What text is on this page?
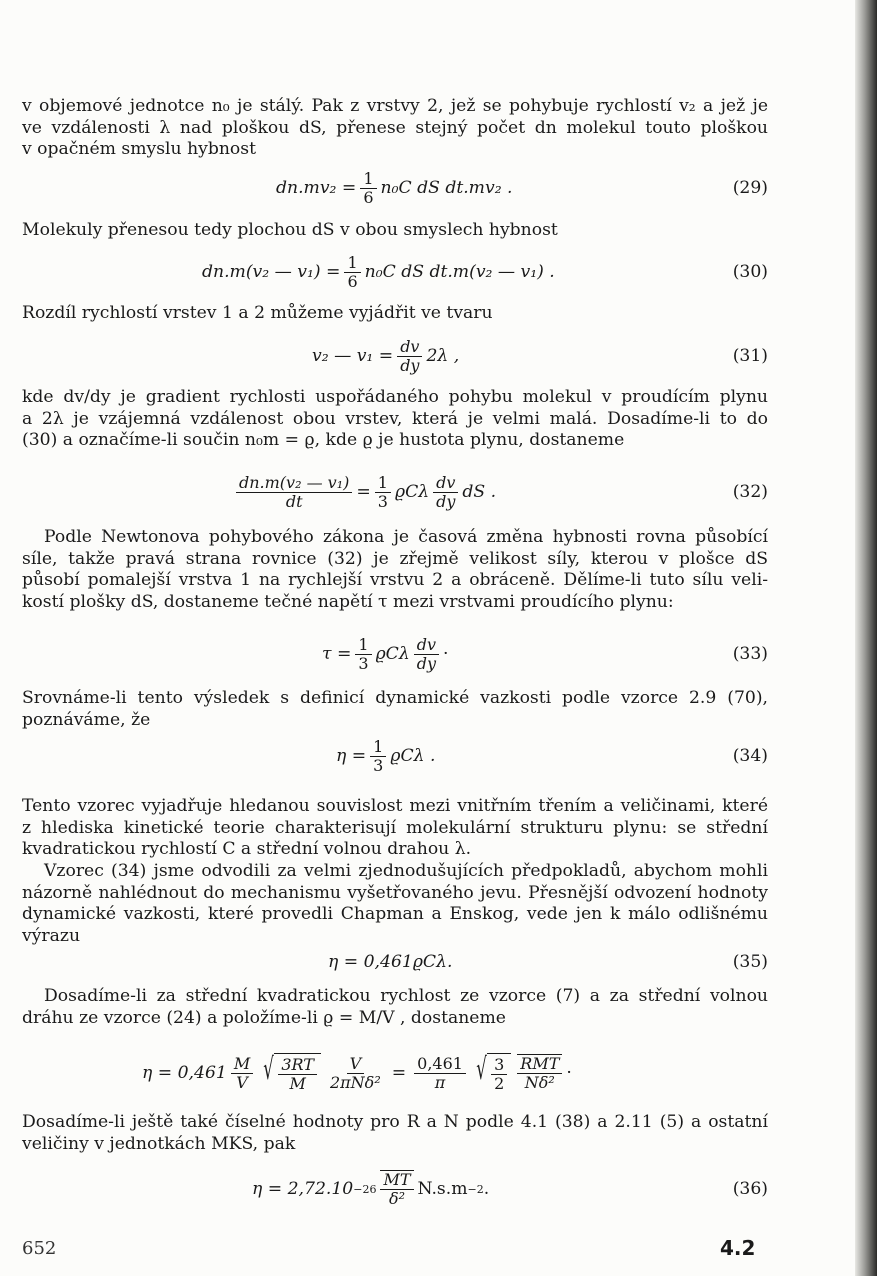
v objemové jednotce n₀ je stálý. Pak z vrstvy 2, jež se pohybuje rychlostí v₂ a jež je
ve vzdálenosti λ nad ploškou dS, přenese stejný počet dn molekul touto ploškou
v opačném smyslu hybnost
$dn.mv_2 = \frac{1}{6} n_0C$ dS dt.mv₂ .	(29)
Molekuly přenesou tedy plochou dS v obou smyslech hybnost
dn.m(v₂ — $v_1) = \frac{1}{6} n_0C$ dS dt.m(v₂ — v₁) .	(30)
Rozdíl rychlostí vrstev 1 a 2 můžeme vyjádřit ve tvaru
v₂ — $v_1 = \frac{dv}{dy} 2\lambda$ ,	(31)
kde dv/dy je gradient rychlosti uspořádaného pohybu molekul v proudícím plynu
a 2λ je vzájemná vzdálenost obou vrstev, která je velmi malá. Dosadíme-li to do
(30) a označíme-li součin n₀m = ϱ, kde ϱ je hustota plynu, dostaneme
$\frac{\text{dn.m(v₂ — v₁)}}{dt} = \frac{1}{3}$ ϱCλ $\frac{dv}{dy}$ dS .	(32)
Podle Newtonova pohybového zákona je časová změna hybnosti rovna působící
síle, takže pravá strana rovnice (32) je zřejmě velikost síly, kterou v plošce dS
působí pomalejší vrstva 1 na rychlejší vrstvu 2 a obráceně. Dělíme-li tuto sílu veli-
kostí plošky dS, dostaneme tečné napětí τ mezi vrstvami proudícího plynu:
$\tau = \frac{1}{3}$ ϱCλ $\frac{dv}{dy}$ ·	(33)
Srovnáme-li tento výsledek s definicí dynamické vazkosti podle vzorce 2.9 (70),
poznáváme, že
$\eta = \frac{1}{3}$ ϱCλ .	(34)
Tento vzorec vyjadřuje hledanou souvislost mezi vnitřním třením a veličinami, které
z hlediska kinetické teorie charakterisují molekulární strukturu plynu: se střední
kvadratickou rychlostí C a střední volnou drahou λ.
Vzorec (34) jsme odvodili za velmi zjednodušujících předpokladů, abychom mohli
názorně nahlédnout do mechanismu vyšetřovaného jevu. Přesnější odvození hodnoty
dynamické vazkosti, které provedli Chapman a Enskog, vede jen k málo odlišnému
výrazu
η = 0,461ϱCλ.	(35)
Dosadíme-li za střední kvadratickou rychlost ze vzorce (7) a za střední volnou
dráhu ze vzorce (24) a položíme-li ϱ = M/V , dostaneme
$\eta = 0,461 \frac{M}{V}$ √ $\frac{3RT}{M} \frac{V}{\text{2πNδ²}} = \frac{0,461}{\pi}$ √ $\frac{3}{2} \frac{\text{RMT}}{\text{Nδ²}}$ ·
Dosadíme-li ještě také číselné hodnoty pro R a N podle 4.1 (38) a 2.11 (5) a ostatní
veličiny v jednotkách MKS, pak
$\eta = 2,72.10 -26 \frac{MT}{\text{δ²}} N.s.m -2$ .	(36)
652	4.2
